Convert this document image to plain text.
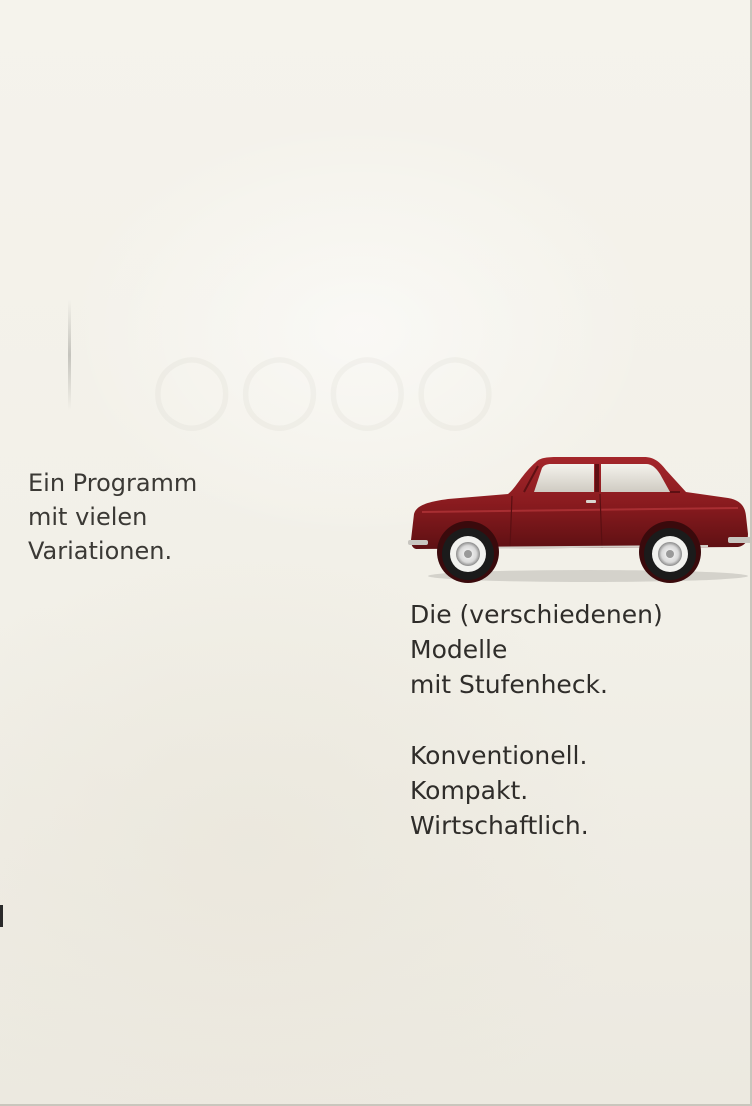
○○○○
Ein Programm
mit vielen
Variationen.
Die (verschiedenen)
Modelle
mit Stufenheck.
Konventionell.
Kompakt.
Wirtschaftlich.
